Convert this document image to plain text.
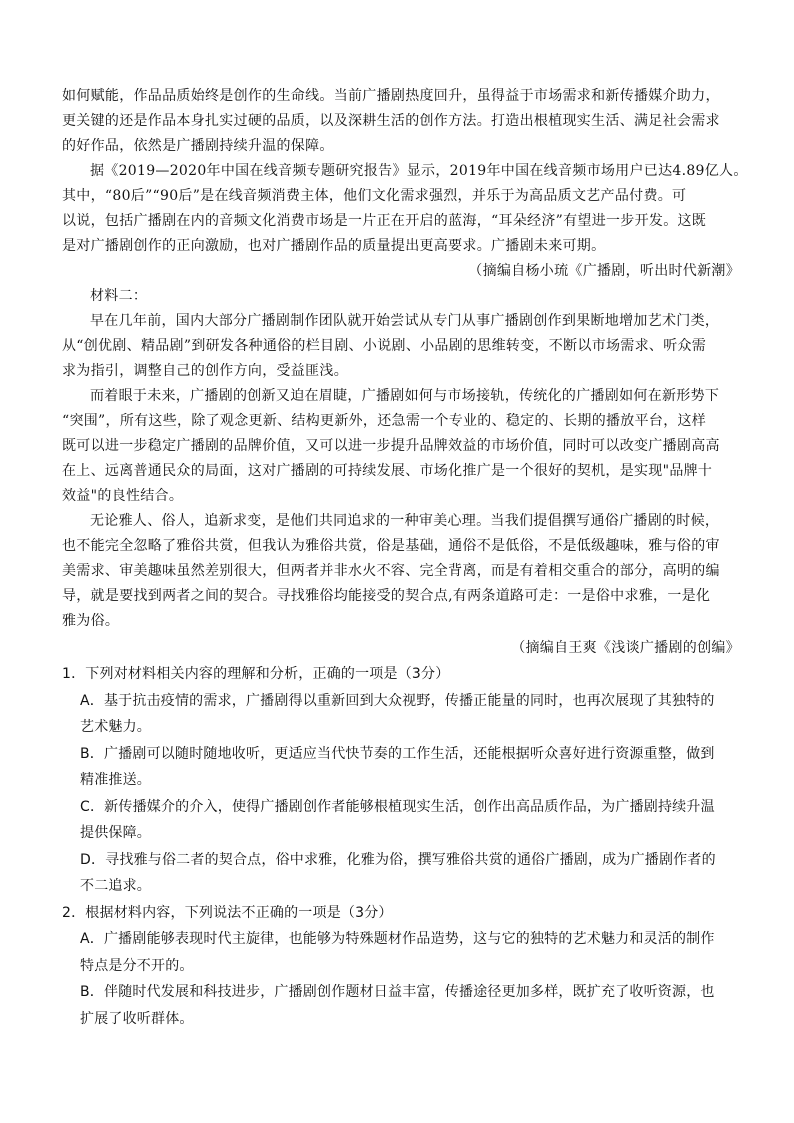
如何赋能，作品品质始终是创作的生命线。当前广播剧热度回升，虽得益于市场需求和新传播媒介助力，
更关键的还是作品本身扎实过硬的品质，以及深耕生活的创作方法。打造出根植现实生活、满足社会需求
的好作品，依然是广播剧持续升温的保障。
据《2019—2020年中国在线音频专题研究报告》显示，2019年中国在线音频市场用户已达4.89亿人。
其中，“80后”“90后”是在线音频消费主体，他们文化需求强烈，并乐于为高品质文艺产品付费。可
以说，包括广播剧在内的音频文化消费市场是一片正在开启的蓝海，“耳朵经济”有望进一步开发。这既
是对广播剧创作的正向激励，也对广播剧作品的质量提出更高要求。广播剧未来可期。
（摘编自杨小琉《广播剧，听出时代新潮》
材料二：
早在几年前，国内大部分广播剧制作团队就开始尝试从专门从事广播剧创作到果断地增加艺术门类，
从“创优剧、精品剧”到研发各种通俗的栏目剧、小说剧、小品剧的思维转变，不断以市场需求、听众需
求为指引，调整自己的创作方向，受益匪浅。
而着眼于未来，广播剧的创新又迫在眉睫，广播剧如何与市场接轨，传统化的广播剧如何在新形势下
“突围”，所有这些，除了观念更新、结构更新外，还急需一个专业的、稳定的、长期的播放平台，这样
既可以进一步稳定广播剧的品牌价值，又可以进一步提升品牌效益的市场价值，同时可以改变广播剧高高
在上、远离普通民众的局面，这对广播剧的可持续发展、市场化推广是一个很好的契机，是实现"品牌十
效益"的良性结合。
无论雅人、俗人，追新求变，是他们共同追求的一种审美心理。当我们提倡撰写通俗广播剧的时候，
也不能完全忽略了雅俗共赏，但我认为雅俗共赏，俗是基础，通俗不是低俗，不是低级趣味，雅与俗的审
美需求、审美趣味虽然差别很大，但两者并非水火不容、完全背离，而是有着相交重合的部分，高明的编
导，就是要找到两者之间的契合。寻找雅俗均能接受的契合点,有两条道路可走：一是俗中求雅，一是化
雅为俗。
（摘编自王爽《浅谈广播剧的创编》
1．下列对材料相关内容的理解和分析，正确的一项是（3分）
A．基于抗击疫情的需求，广播剧得以重新回到大众视野，传播正能量的同时，也再次展现了其独特的
艺术魅力。
B．广播剧可以随时随地收听，更适应当代快节奏的工作生活，还能根据听众喜好进行资源重整，做到
精准推送。
C．新传播媒介的介入，使得广播剧创作者能够根植现实生活，创作出高品质作品，为广播剧持续升温
提供保障。
D．寻找雅与俗二者的契合点，俗中求雅，化雅为俗，撰写雅俗共赏的通俗广播剧，成为广播剧作者的
不二追求。
2．根据材料内容，下列说法不正确的一项是（3分）
A．广播剧能够表现时代主旋律，也能够为特殊题材作品造势，这与它的独特的艺术魅力和灵活的制作
特点是分不开的。
B．伴随时代发展和科技进步，广播剧创作题材日益丰富，传播途径更加多样，既扩充了收听资源，也
扩展了收听群体。
